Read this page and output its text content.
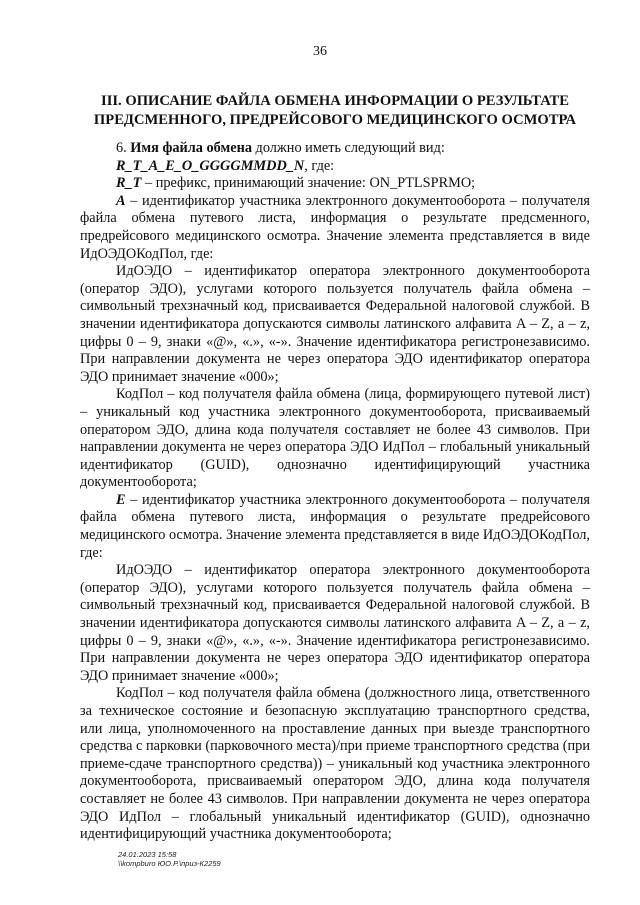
36
III. ОПИСАНИЕ ФАЙЛА ОБМЕНА ИНФОРМАЦИИ О РЕЗУЛЬТАТЕ
ПРЕДСМЕННОГО, ПРЕДРЕЙСОВОГО МЕДИЦИНСКОГО ОСМОТРА

6. Имя файла обмена должно иметь следующий вид:

R_T_A_E_O_GGGGMMDD_N, где:

R_T – префикс, принимающий значение: ON_PTLSPRMO;

A – идентификатор участника электронного документооборота – получателя файла обмена путевого листа, информация о результате предсменного, предрейсового медицинского осмотра. Значение элемента представляется в виде ИдОЭДОКодПол, где:

ИдОЭДО – идентификатор оператора электронного документооборота (оператор ЭДО), услугами которого пользуется получатель файла обмена – символьный трехзначный код, присваивается Федеральной налоговой службой. В значении идентификатора допускаются символы латинского алфавита A – Z, a – z, цифры 0 – 9, знаки «@», «.», «-». Значение идентификатора регистронезависимо. При направлении документа не через оператора ЭДО идентификатор оператора ЭДО принимает значение «000»;

КодПол – код получателя файла обмена (лица, формирующего путевой лист) – уникальный код участника электронного документооборота, присваиваемый оператором ЭДО, длина кода получателя составляет не более 43 символов. При направлении документа не через оператора ЭДО ИдПол – глобальный уникальный идентификатор (GUID), однозначно идентифицирующий участника документооборота;

E – идентификатор участника электронного документооборота – получателя файла обмена путевого листа, информация о результате предрейсового медицинского осмотра. Значение элемента представляется в виде ИдОЭДОКодПол, где:

ИдОЭДО – идентификатор оператора электронного документооборота (оператор ЭДО), услугами которого пользуется получатель файла обмена – символьный трехзначный код, присваивается Федеральной налоговой службой. В значении идентификатора допускаются символы латинского алфавита A – Z, a – z, цифры 0 – 9, знаки «@», «.», «-». Значение идентификатора регистронезависимо. При направлении документа не через оператора ЭДО идентификатор оператора ЭДО принимает значение «000»;

КодПол – код получателя файла обмена (должностного лица, ответственного за техническое состояние и безопасную эксплуатацию транспортного средства, или лица, уполномоченного на проставление данных при выезде транспортного средства с парковки (парковочного места)/при приеме транспортного средства (при приеме-сдаче транспортного средства)) – уникальный код участника электронного документооборота, присваиваемый оператором ЭДО, длина кода получателя составляет не более 43 символов. При направлении документа не через оператора ЭДО ИдПол – глобальный уникальный идентификатор (GUID), однозначно идентифицирующий участника документооборота;

24.01.2023 15:58
\\kompburo ЮО.Р.\приз-К2259
